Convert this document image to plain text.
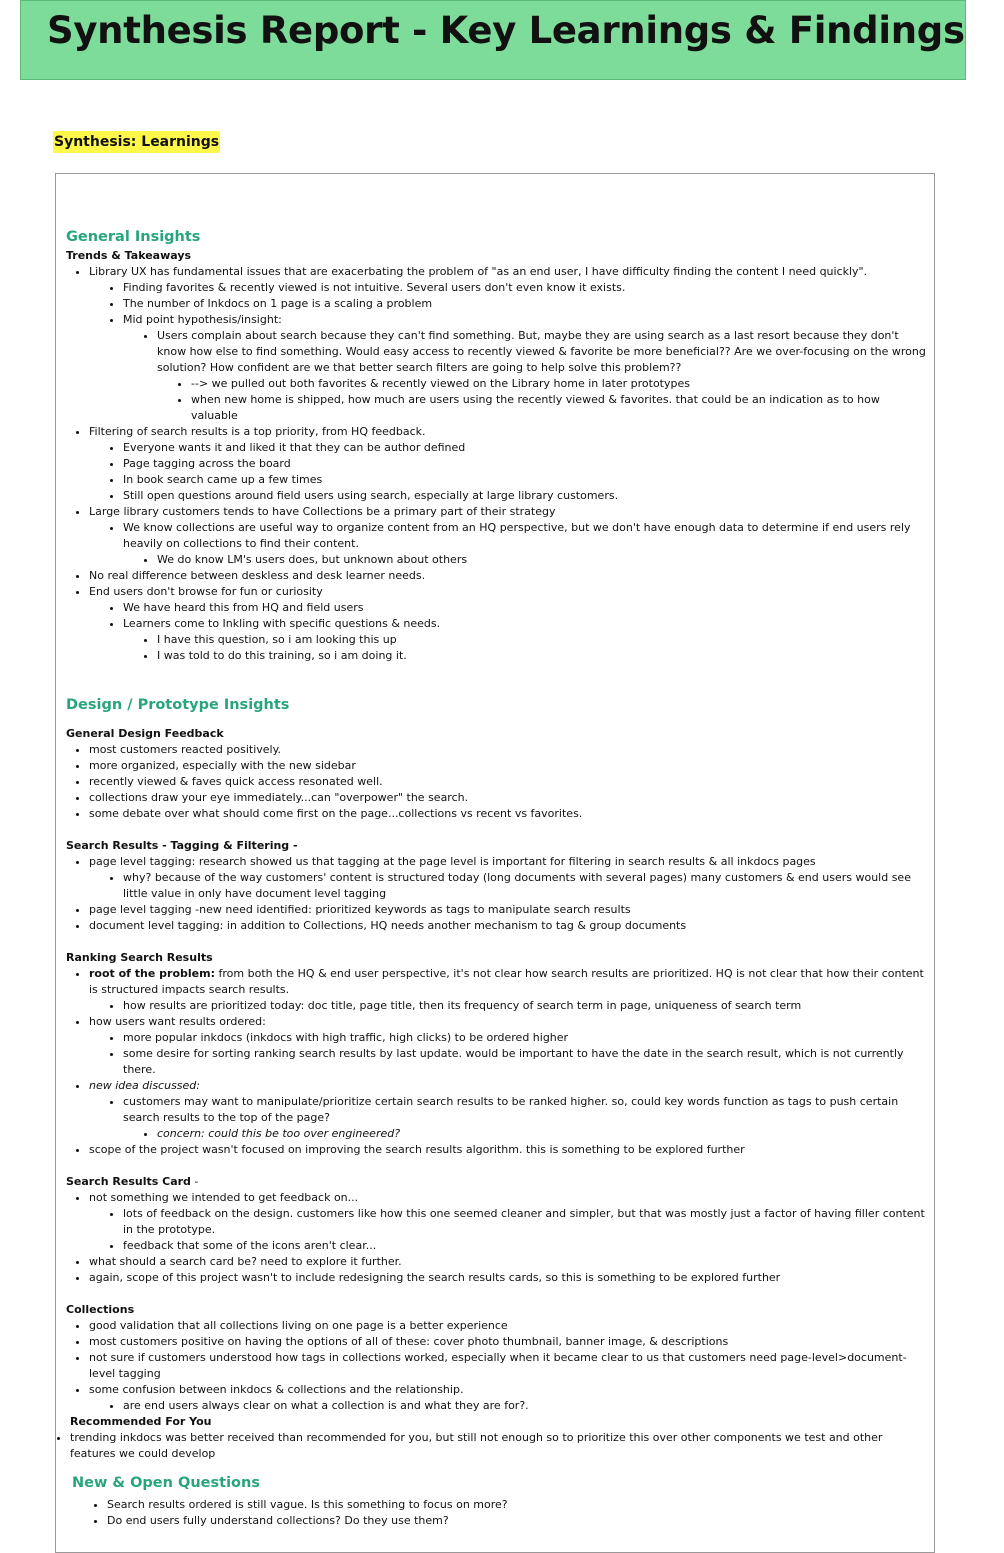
Synthesis Report - Key Learnings & Findings
Synthesis: Learnings
General Insights
Trends & Takeaways
• Library UX has fundamental issues that are exacerbating the problem of "as an end user, I have difficulty finding the content I need quickly".
• Finding favorites & recently viewed is not intuitive. Several users don't even know it exists.
• The number of Inkdocs on 1 page is a scaling a problem
• Mid point hypothesis/insight:
• Users complain about search because they can't find something. But, maybe they are using search as a last resort because they don't know how else to find something. Would easy access to recently viewed & favorite be more beneficial?? Are we over-focusing on the wrong solution? How confident are we that better search filters are going to help solve this problem??
• --> we pulled out both favorites & recently viewed on the Library home in later prototypes
• when new home is shipped, how much are users using the recently viewed & favorites. that could be an indication as to how valuable
• Filtering of search results is a top priority, from HQ feedback.
• Everyone wants it and liked it that they can be author defined
• Page tagging across the board
• In book search came up a few times
• Still open questions around field users using search, especially at large library customers.
• Large library customers tends to have Collections be a primary part of their strategy
• We know collections are useful way to organize content from an HQ perspective, but we don't have enough data to determine if end users rely heavily on collections to find their content.
• We do know LM's users does, but unknown about others
• No real difference between deskless and desk learner needs.
• End users don't browse for fun or curiosity
• We have heard this from HQ and field users
• Learners come to Inkling with specific questions & needs.
• I have this question, so i am looking this up
• I was told to do this training, so i am doing it.
Design / Prototype Insights
General Design Feedback
• most customers reacted positively.
• more organized, especially with the new sidebar
• recently viewed & faves quick access resonated well.
• collections draw your eye immediately...can "overpower" the search.
• some debate over what should come first on the page...collections vs recent vs favorites.
Search Results - Tagging & Filtering -
• page level tagging: research showed us that tagging at the page level is important for filtering in search results & all inkdocs pages
• why? because of the way customers' content is structured today (long documents with several pages) many customers & end users would see little value in only have document level tagging
• page level tagging -new need identified: prioritized keywords as tags to manipulate search results
• document level tagging: in addition to Collections, HQ needs another mechanism to tag & group documents
Ranking Search Results
• root of the problem: from both the HQ & end user perspective, it's not clear how search results are prioritized. HQ is not clear that how their content is structured impacts search results.
• how results are prioritized today: doc title, page title, then its frequency of search term in page, uniqueness of search term
• how users want results ordered:
• more popular inkdocs (inkdocs with high traffic, high clicks) to be ordered higher
• some desire for sorting ranking search results by last update. would be important to have the date in the search result, which is not currently there.
• new idea discussed:
• customers may want to manipulate/prioritize certain search results to be ranked higher. so, could key words function as tags to push certain search results to the top of the page?
• concern: could this be too over engineered?
• scope of the project wasn't focused on improving the search results algorithm. this is something to be explored further
Search Results Card -
• not something we intended to get feedback on...
• lots of feedback on the design. customers like how this one seemed cleaner and simpler, but that was mostly just a factor of having filler content in the prototype.
• feedback that some of the icons aren't clear...
• what should a search card be? need to explore it further.
• again, scope of this project wasn't to include redesigning the search results cards, so this is something to be explored further
Collections
• good validation that all collections living on one page is a better experience
• most customers positive on having the options of all of these: cover photo thumbnail, banner image, & descriptions
• not sure if customers understood how tags in collections worked, especially when it became clear to us that customers need page-level>document-level tagging
• some confusion between inkdocs & collections and the relationship.
• are end users always clear on what a collection is and what they are for?.
Recommended For You
• trending inkdocs was better received than recommended for you, but still not enough so to prioritize this over other components we test and other features we could develop
New & Open Questions
• Search results ordered is still vague. Is this something to focus on more?
• Do end users fully understand collections? Do they use them?
